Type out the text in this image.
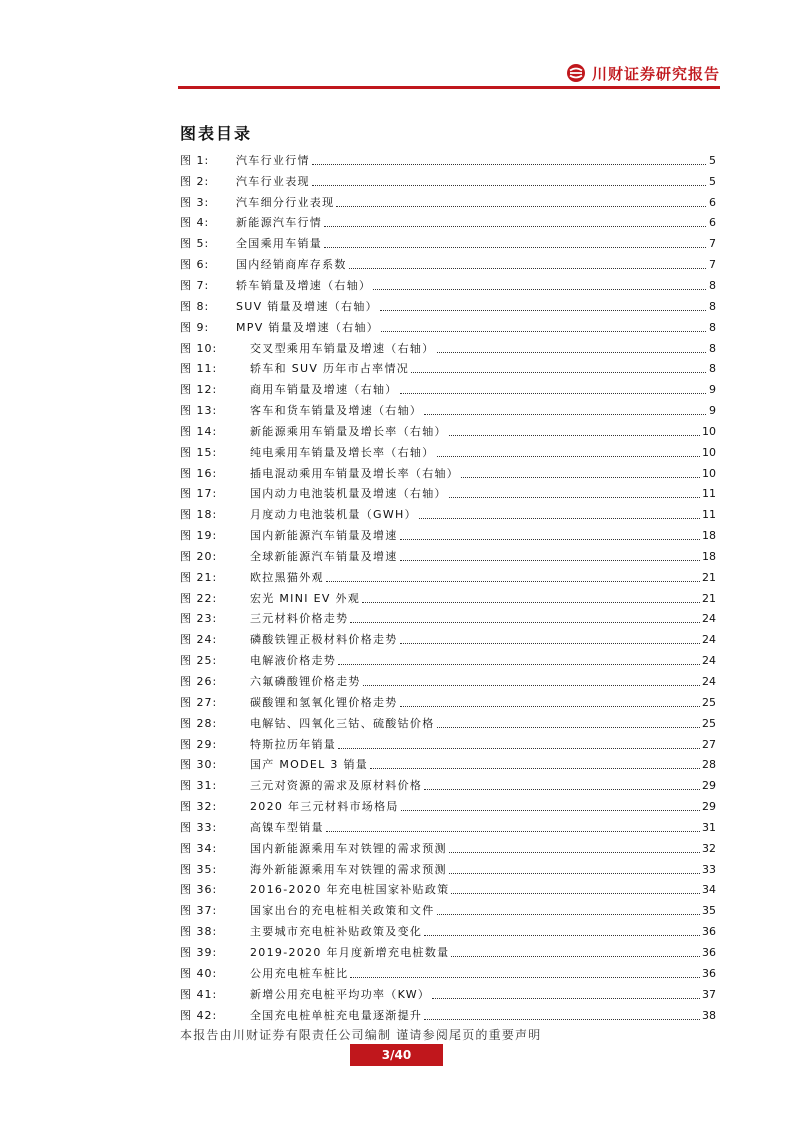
川财证券研究报告
图表目录
图 1:	汽车行业行情	5
图 2:	汽车行业表现	5
图 3:	汽车细分行业表现	6
图 4:	新能源汽车行情	6
图 5:	全国乘用车销量	7
图 6:	国内经销商库存系数	7
图 7:	轿车销量及增速（右轴）	8
图 8:	SUV 销量及增速（右轴）	8
图 9:	MPV 销量及增速（右轴）	8
图 10:	交叉型乘用车销量及增速（右轴）	8
图 11:	轿车和 SUV 历年市占率情况	8
图 12:	商用车销量及增速（右轴）	9
图 13:	客车和货车销量及增速（右轴）	9
图 14:	新能源乘用车销量及增长率（右轴）	10
图 15:	纯电乘用车销量及增长率（右轴）	10
图 16:	插电混动乘用车销量及增长率（右轴）	10
图 17:	国内动力电池装机量及增速（右轴）	11
图 18:	月度动力电池装机量（GWH）	11
图 19:	国内新能源汽车销量及增速	18
图 20:	全球新能源汽车销量及增速	18
图 21:	欧拉黑猫外观	21
图 22:	宏光 MINI EV 外观	21
图 23:	三元材料价格走势	24
图 24:	磷酸铁锂正极材料价格走势	24
图 25:	电解液价格走势	24
图 26:	六氟磷酸锂价格走势	24
图 27:	碳酸锂和氢氧化锂价格走势	25
图 28:	电解钴、四氧化三钴、硫酸钴价格	25
图 29:	特斯拉历年销量	27
图 30:	国产 MODEL 3 销量	28
图 31:	三元对资源的需求及原材料价格	29
图 32:	2020 年三元材料市场格局	29
图 33:	高镍车型销量	31
图 34:	国内新能源乘用车对铁锂的需求预测	32
图 35:	海外新能源乘用车对铁锂的需求预测	33
图 36:	2016-2020 年充电桩国家补贴政策	34
图 37:	国家出台的充电桩相关政策和文件	35
图 38:	主要城市充电桩补贴政策及变化	36
图 39:	2019-2020 年月度新增充电桩数量	36
图 40:	公用充电桩车桩比	36
图 41:	新增公用充电桩平均功率（KW）	37
图 42:	全国充电桩单桩充电量逐渐提升	38
本报告由川财证券有限责任公司编制 谨请参阅尾页的重要声明
3/40
